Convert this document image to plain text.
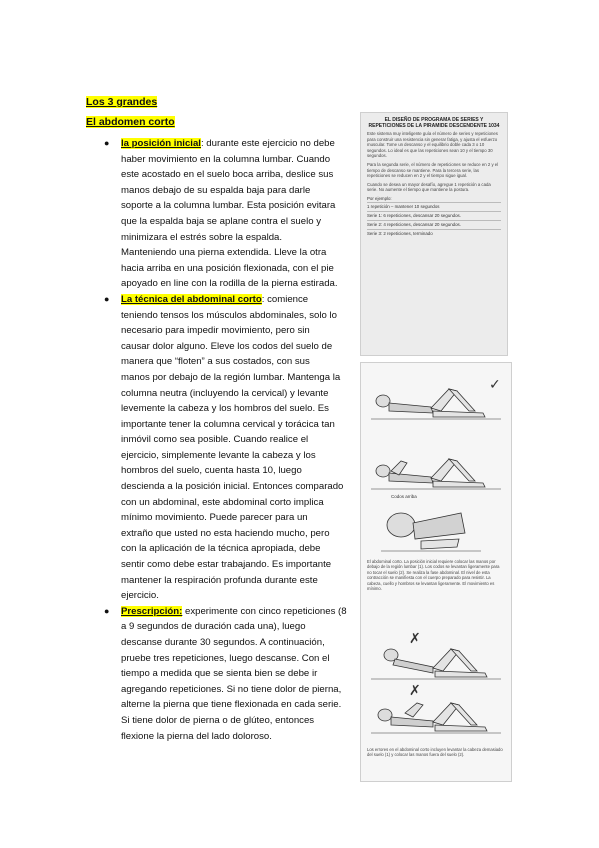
Los 3 grandes
El abdomen corto
● la posición inicial: durante este ejercicio no debe
haber movimiento en la columna lumbar. Cuando
este acostado en el suelo boca arriba, deslice sus
manos debajo de su espalda baja para darle
soporte a la columna lumbar. Esta posición evitara
que la espalda baja se aplane contra el suelo y
minimizara el estrés sobre la espalda.
Manteniendo una pierna extendida. Lleve la otra
hacia arriba en una posición flexionada, con el pie
apoyado en line con la rodilla de la pierna estirada.
● La técnica del abdominal corto: comience
teniendo tensos los músculos abdominales, solo lo
necesario para impedir movimiento, pero sin
causar dolor alguno. Eleve los codos del suelo de
manera que “floten” a sus costados, con sus
manos por debajo de la región lumbar. Mantenga la
columna neutra (incluyendo la cervical) y levante
levemente la cabeza y los hombros del suelo. Es
importante tener la columna cervical y torácica tan
inmóvil como sea posible. Cuando realice el
ejercicio, simplemente levante la cabeza y los
hombros del suelo, cuenta hasta 10, luego
descienda a la posición inicial. Entonces comparado
con un abdominal, este abdominal corto implica
mínimo movimiento. Puede parecer para un
extraño que usted no esta haciendo mucho, pero
con la aplicación de la técnica apropiada, debe
sentir como debe estar trabajando. Es importante
mantener la respiración profunda durante este
ejercicio.
● Prescripción: experimente con cinco repeticiones (8
a 9 segundos de duración cada una), luego
descanse durante 30 segundos. A continuación,
pruebe tres repeticiones, luego descanse. Con el
tiempo a medida que se sienta bien se debe ir
agregando repeticiones. Si no tiene dolor de pierna,
alterne la pierna que tiene flexionada en cada serie.
Si tiene dolor de pierna o de glúteo, entonces
flexione la pierna del lado doloroso.
EL DISEÑO DE PROGRAMA DE SERIES Y REPETICIONES DE LA PIRAMIDE DESCENDENTE 1034

Este sistema muy inteligente guía el número de series y repeticiones para construir una resistencia sin generar fatiga, y ajusta el esfuerzo muscular. Tome un descanso y el equilibrio doble cada 3 o 10 segundos. Lo ideal es que las repeticiones sean 10 y el tiempo 30 segundos.

Para la segunda serie, el número de repeticiones se reduce en 2 y el tiempo de descanso se mantiene. Para la tercera serie, las repeticiones se reducen en 2 y el tiempo sigue igual.

Cuando se desea un mayor desafío, agregue 1 repetición a cada serie. No aumente el tiempo que mantiene la postura.

Por ejemplo:
1 repetición – mantener 10 segundos
Serie 1: 6 repeticiones, descansar 20 segundos.
Serie 2: 4 repeticiones, descansar 20 segundos.
Serie 3: 2 repeticiones, terminado
✓
✗
✗
Codos arriba
El abdominal corto. La posición inicial requiere colocar las manos por debajo de la región lumbar (1). Los codos se levantan ligeramente para no tocar el suelo (2). Se realiza la fase abdominal. El nivel de esta contracción se manifiesta con el cuerpo preparado para resistir. La cabeza, cuello y hombros se levantan ligeramente. El movimiento es mínimo.
Los errores en el abdominal corto incluyen levantar la cabeza demasiado del suelo (1) y colocar las manos fuera del suelo (2).
